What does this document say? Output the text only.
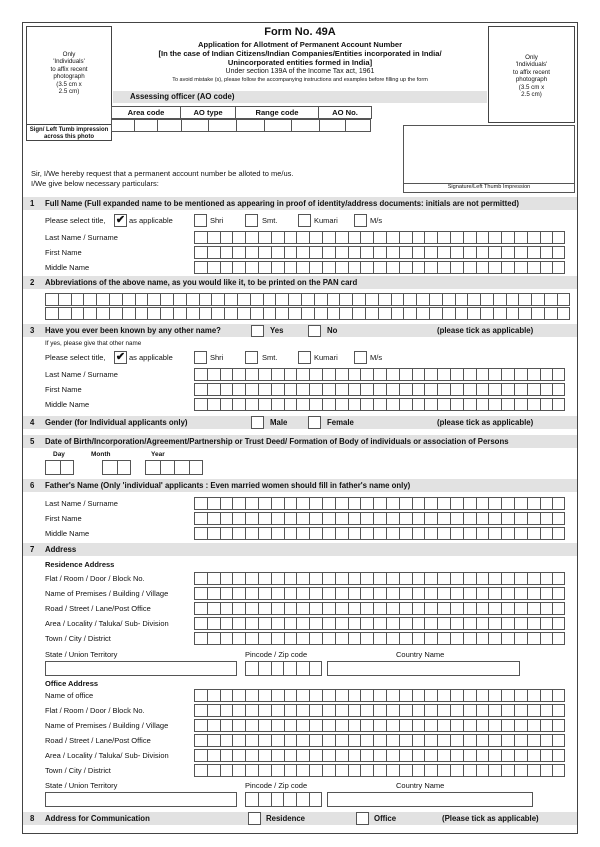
Only
'Individuals'
to affix recent
photograph
(3.5 cm x
2.5 cm)
Sign/ Left Tumb impression across this photo
Form No. 49A
Application for Allotment of Permanent Account Number
[In the case of Indian Citizens/Indian Companies/Entities incorporated in India/
Unincorporated entities formed in India]
Under section 139A of the Income Tax act, 1961
To avoid mistake (s), please follow the accompanying instructions and examples before filling up the form
Only
'Individuals'
to affix recent
photograph
(3.5 cm x
2.5 cm)
Assessing officer (AO code)
Area code	AO type	Range code	AO No.
Signature/Left Thumb Impression
Sir, I/We hereby request that a permanent account number be alloted to me/us.
I/We give below necessary particulars:
1 Full Name (Full expanded name to be mentioned as appearing in proof of identity/address documents: initials are not permitted)
Please select title, ✔ as applicable	Shri	Smt.	Kumari	M/s
Last Name / Surname
First Name
Middle Name
2 Abbreviations of the above name, as you would like it, to be printed on the PAN card
3 Have you ever been known by any other name?	Yes	No	(please tick as applicable)
If yes, please give that other name
Please select title, ✔ as applicable	Shri	Smt.	Kumari	M/s
Last Name / Surname
First Name
Middle Name
4 Gender (for Individual applicants only)	Male	Female	(please tick as applicable)
5 Date of Birth/Incorporation/Agreement/Partnership or Trust Deed/ Formation of Body of individuals or association of Persons
Day	Month	Year
6 Father's Name (Only 'individual' applicants : Even married women should fill in father's name only)
Last Name / Surname
First Name
Middle Name
7 Address
Residence Address
Flat / Room / Door / Block No.
Name of Premises / Building / Village
Road / Street / Lane/Post Office
Area / Locality / Taluka/ Sub- Division
Town / City / District
State / Union Territory	Pincode / Zip code	Country Name
Office Address
Name of office
Flat / Room / Door / Block No.
Name of Premises / Building / Village
Road / Street / Lane/Post Office
Area / Locality / Taluka/ Sub- Division
Town / City / District
State / Union Territory	Pincode / Zip code	Country Name
8 Address for Communication	Residence	Office	(Please tick as applicable)
